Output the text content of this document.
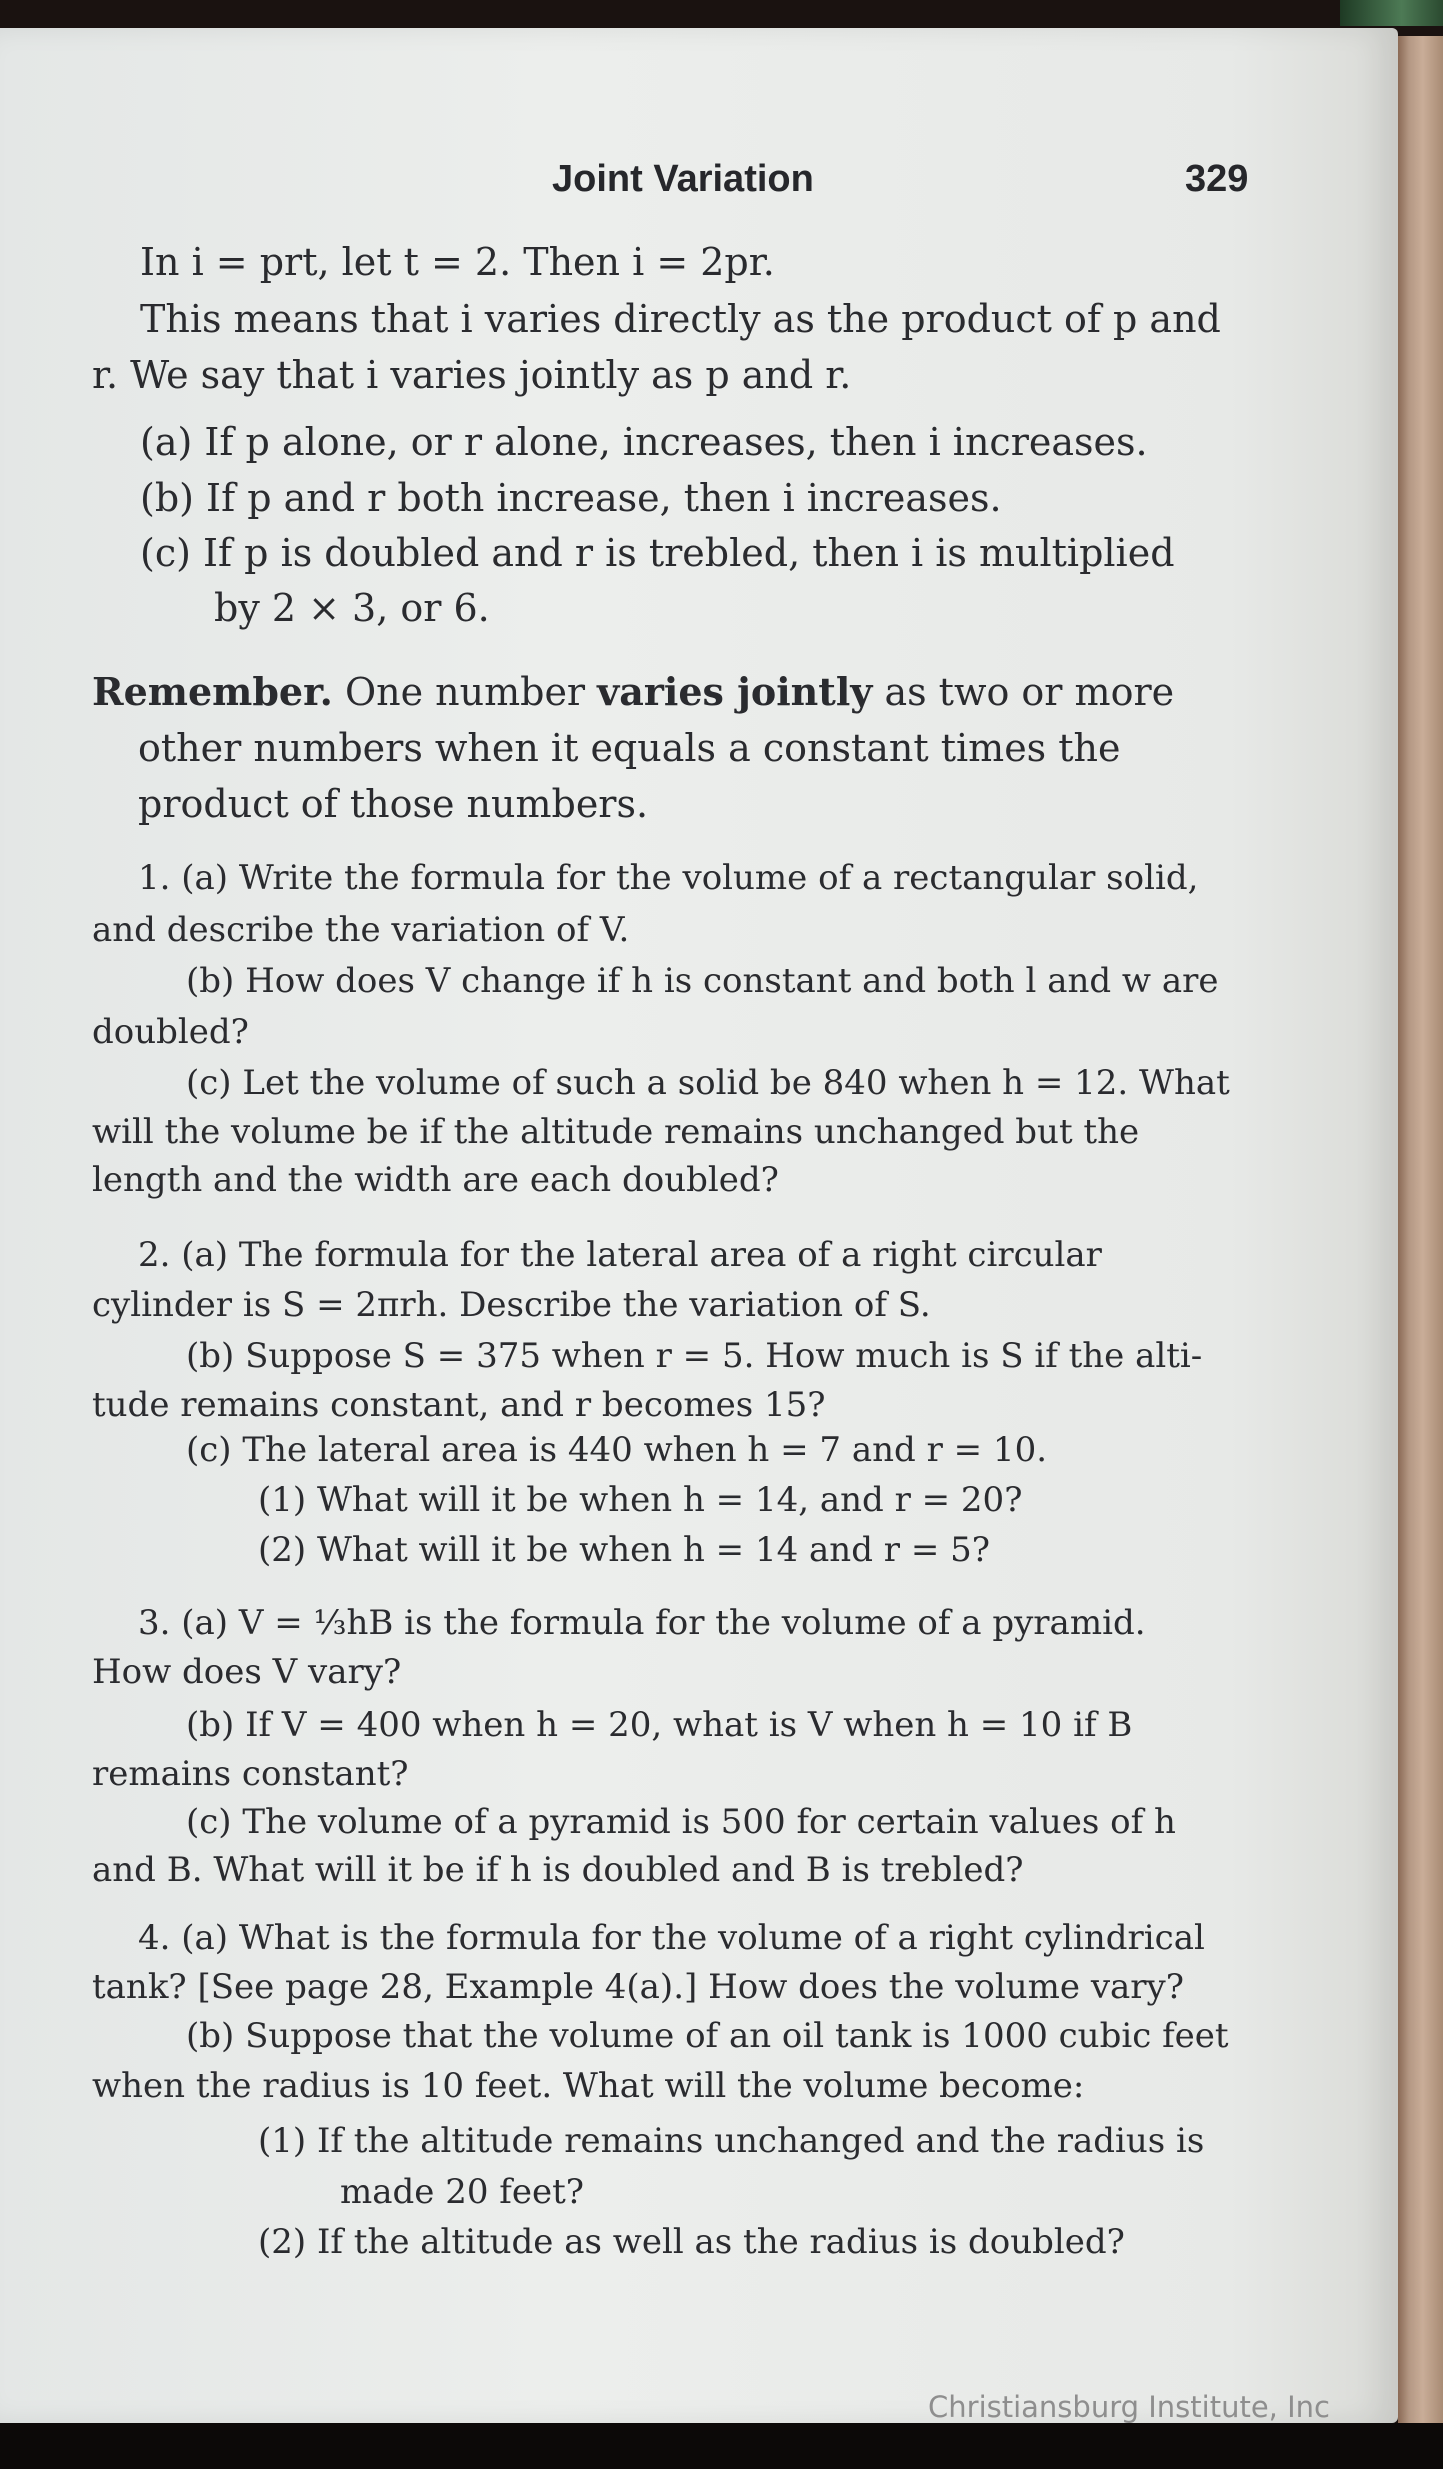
Joint Variation	329
In i = prt, let t = 2. Then i = 2pr.
This means that i varies directly as the product of p and
r. We say that i varies jointly as p and r.
(a) If p alone, or r alone, increases, then i increases.
(b) If p and r both increase, then i increases.
(c) If p is doubled and r is trebled, then i is multiplied
by 2 × 3, or 6.
Remember. One number varies jointly as two or more
other numbers when it equals a constant times the
product of those numbers.
1. (a) Write the formula for the volume of a rectangular solid,
and describe the variation of V.
(b) How does V change if h is constant and both l and w are
doubled?
(c) Let the volume of such a solid be 840 when h = 12. What
will the volume be if the altitude remains unchanged but the
length and the width are each doubled?
2. (a) The formula for the lateral area of a right circular
cylinder is S = 2πrh. Describe the variation of S.
(b) Suppose S = 375 when r = 5. How much is S if the alti-
tude remains constant, and r becomes 15?
(c) The lateral area is 440 when h = 7 and r = 10.
(1) What will it be when h = 14, and r = 20?
(2) What will it be when h = 14 and r = 5?
3. (a) V = ⅓hB is the formula for the volume of a pyramid.
How does V vary?
(b) If V = 400 when h = 20, what is V when h = 10 if B
remains constant?
(c) The volume of a pyramid is 500 for certain values of h
and B. What will it be if h is doubled and B is trebled?
4. (a) What is the formula for the volume of a right cylindrical
tank? [See page 28, Example 4(a).] How does the volume vary?
(b) Suppose that the volume of an oil tank is 1000 cubic feet
when the radius is 10 feet. What will the volume become:
(1) If the altitude remains unchanged and the radius is
made 20 feet?
(2) If the altitude as well as the radius is doubled?
Christiansburg Institute, Inc
